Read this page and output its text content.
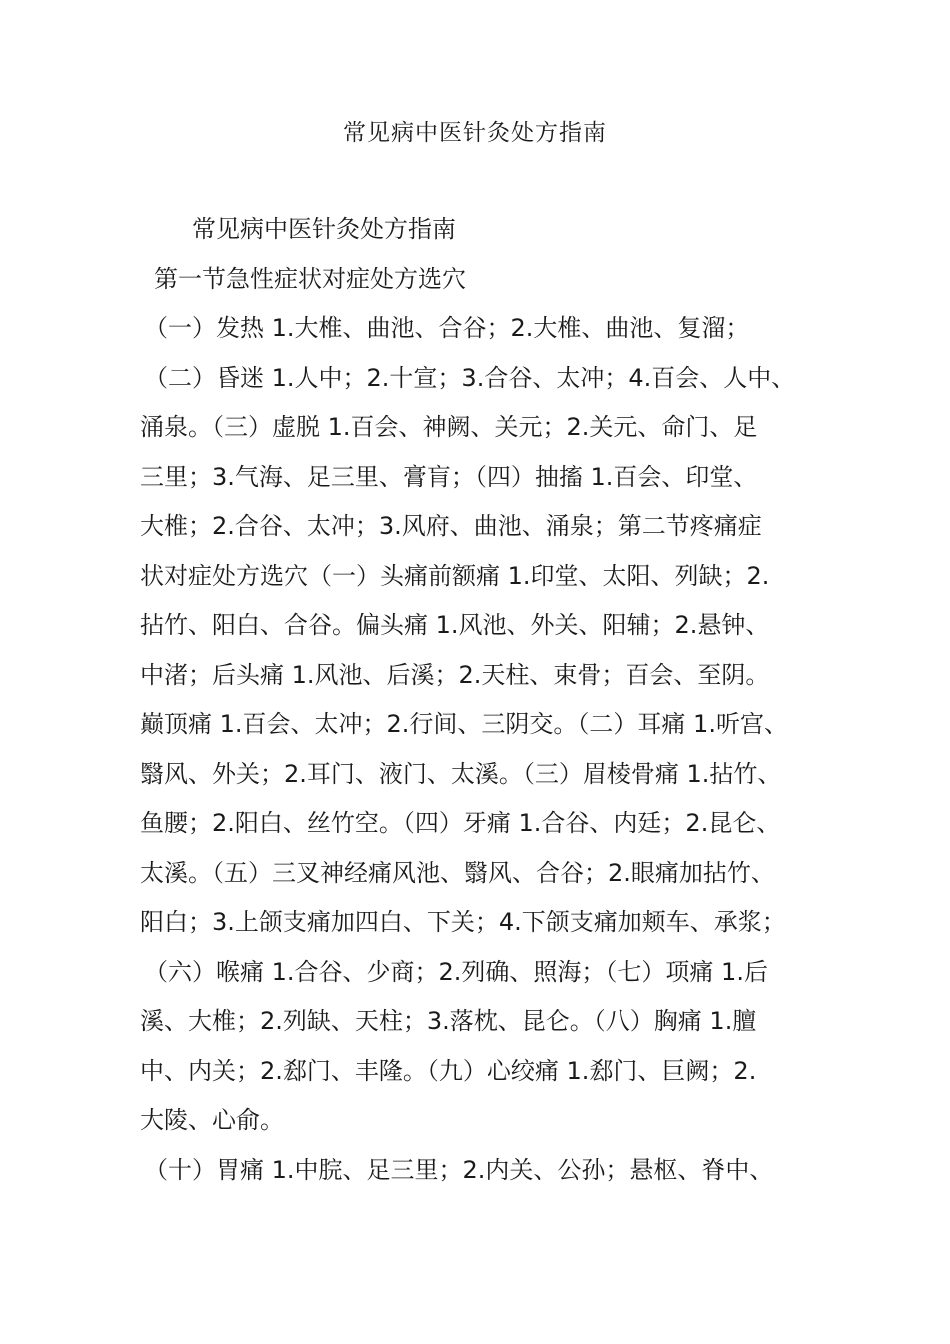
常见病中医针灸处方指南
常见病中医针灸处方指南
第一节急性症状对症处方选穴
（一）发热 1.大椎、曲池、合谷；2.大椎、曲池、复溜；
（二）昏迷 1.人中；2.十宣；3.合谷、太冲；4.百会、人中、
涌泉。（三）虚脱 1.百会、神阙、关元；2.关元、命门、足
三里；3.气海、足三里、膏肓；（四）抽搐 1.百会、印堂、
大椎；2.合谷、太冲；3.风府、曲池、涌泉；第二节疼痛症
状对症处方选穴（一）头痛前额痛 1.印堂、太阳、列缺；2.
拈竹、阳白、合谷。偏头痛 1.风池、外关、阳辅；2.悬钟、
中渚；后头痛 1.风池、后溪；2.天柱、束骨；百会、至阴。
巅顶痛 1.百会、太冲；2.行间、三阴交。（二）耳痛 1.听宫、
翳风、外关；2.耳门、液门、太溪。（三）眉棱骨痛 1.拈竹、
鱼腰；2.阳白、丝竹空。（四）牙痛 1.合谷、内廷；2.昆仑、
太溪。（五）三叉神经痛风池、翳风、合谷；2.眼痛加拈竹、
阳白；3.上颌支痛加四白、下关；4.下颌支痛加颊车、承浆；
（六）喉痛 1.合谷、少商；2.列确、照海；（七）项痛 1.后
溪、大椎；2.列缺、天柱；3.落枕、昆仑。（八）胸痛 1.膻
中、内关；2.郄门、丰隆。（九）心绞痛 1.郄门、巨阙；2.
大陵、心俞。
（十）胃痛 1.中脘、足三里；2.内关、公孙；悬枢、脊中、
